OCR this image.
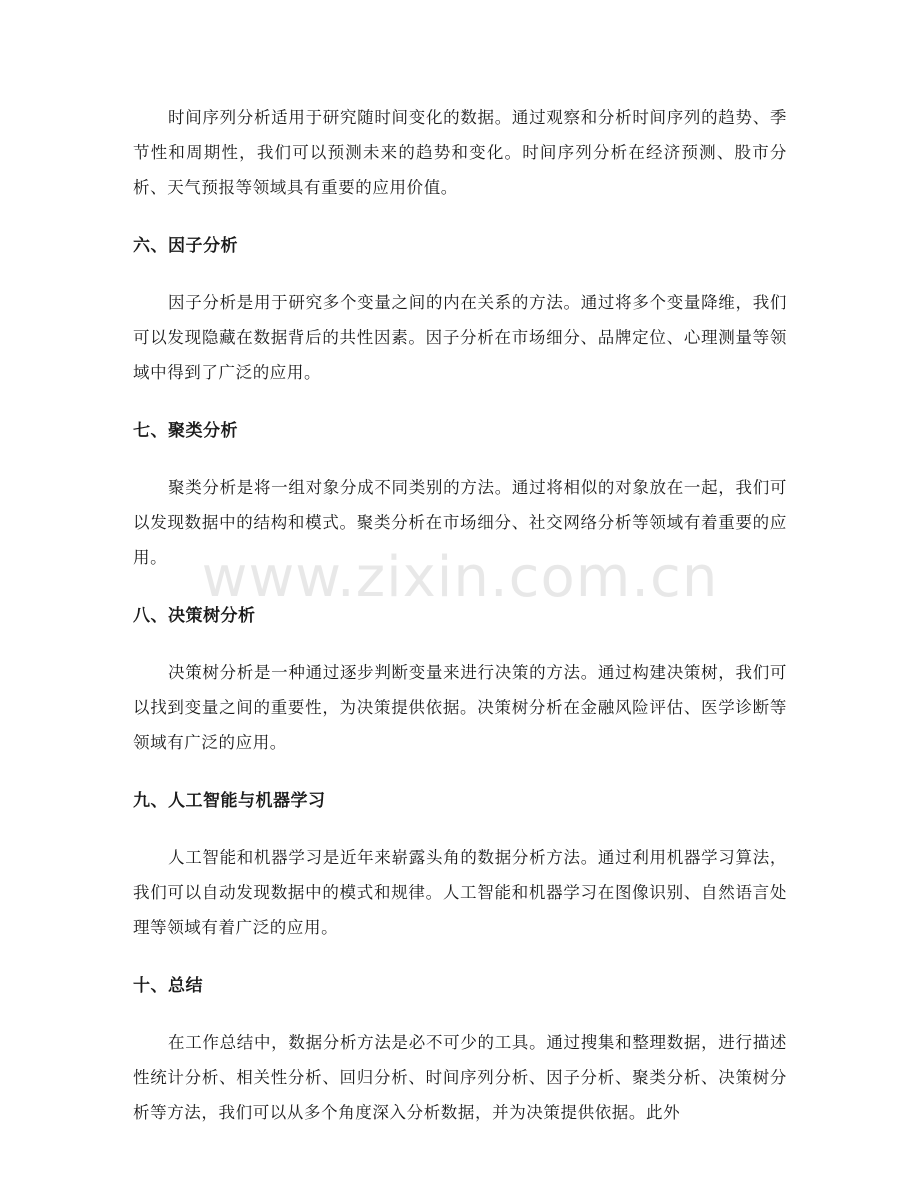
时间序列分析适用于研究随时间变化的数据。通过观察和分析时间序列的趋势、季节性和周期性，我们可以预测未来的趋势和变化。时间序列分析在经济预测、股市分析、天气预报等领域具有重要的应用价值。

六、因子分析

因子分析是用于研究多个变量之间的内在关系的方法。通过将多个变量降维，我们可以发现隐藏在数据背后的共性因素。因子分析在市场细分、品牌定位、心理测量等领域中得到了广泛的应用。

七、聚类分析

聚类分析是将一组对象分成不同类别的方法。通过将相似的对象放在一起，我们可以发现数据中的结构和模式。聚类分析在市场细分、社交网络分析等领域有着重要的应用。

八、决策树分析

决策树分析是一种通过逐步判断变量来进行决策的方法。通过构建决策树，我们可以找到变量之间的重要性，为决策提供依据。决策树分析在金融风险评估、医学诊断等领域有广泛的应用。

九、人工智能与机器学习

人工智能和机器学习是近年来崭露头角的数据分析方法。通过利用机器学习算法，我们可以自动发现数据中的模式和规律。人工智能和机器学习在图像识别、自然语言处理等领域有着广泛的应用。

十、总结

在工作总结中，数据分析方法是必不可少的工具。通过搜集和整理数据，进行描述性统计分析、相关性分析、回归分析、时间序列分析、因子分析、聚类分析、决策树分析等方法，我们可以从多个角度深入分析数据，并为决策提供依据。此外

www.zixin.com.cn
